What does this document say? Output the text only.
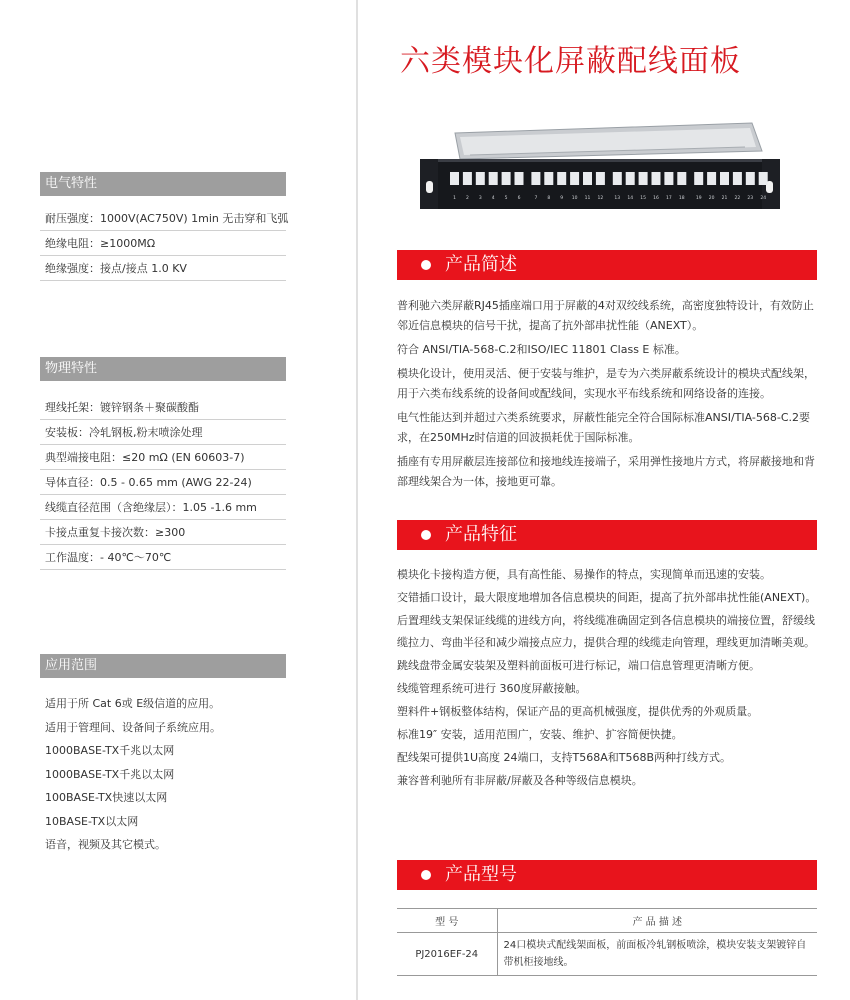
电气特性
耐压强度：1000V(AC750V) 1min 无击穿和飞弧
绝缘电阻：≥1000MΩ
绝缘强度：接点/接点 1.0 KV
物理特性
理线托架：镀锌钢条＋聚碳酸酯
安装板：冷轧钢板,粉末喷涂处理
典型端接电阻：≤20 mΩ (EN 60603-7)
导体直径：0.5 - 0.65 mm (AWG 22-24)
线缆直径范围（含绝缘层）：1.05 -1.6 mm
卡接点重复卡接次数：≥300
工作温度：- 40℃～70℃
应用范围
适用于所 Cat 6或 E级信道的应用。
适用于管理间、设备间子系统应用。
1000BASE-TX千兆以太网
1000BASE-TX千兆以太网
100BASE-TX快速以太网
10BASE-TX以太网
语音，视频及其它模式。
六类模块化屏蔽配线面板
1 2 3 4 5 6	7 8 9 10 11 12 13 14 15 16 17 18 19 20 21 22 23 24
产品简述

普利驰六类屏蔽RJ45插座端口用于屏蔽的4对双绞线系统，高密度独特设计，有效防止邻近信息模块的信号干扰，提高了抗外部串扰性能（ANEXT）。

符合 ANSI/TIA-568-C.2和ISO/IEC 11801 Class E 标准。

模块化设计，使用灵活、便于安装与维护，是专为六类屏蔽系统设计的模块式配线架，用于六类布线系统的设备间或配线间，实现水平布线系统和网络设备的连接。

电气性能达到并超过六类系统要求，屏蔽性能完全符合国际标准ANSI/TIA-568-C.2要求，在250MHz时信道的回波损耗优于国际标准。

插座有专用屏蔽层连接部位和接地线连接端子，采用弹性接地片方式，将屏蔽接地和背部理线架合为一体，接地更可靠。

产品特征

模块化卡接构造方便，具有高性能、易操作的特点，实现简单而迅速的安装。

交错插口设计，最大限度地增加各信息模块的间距，提高了抗外部串扰性能(ANEXT)。

后置理线支架保证线缆的进线方向，将线缆准确固定到各信息模块的端接位置，舒缓线缆拉力、弯曲半径和减少端接点应力，提供合理的线缆走向管理，理线更加清晰美观。

跳线盘带金属安装架及塑料前面板可进行标记，端口信息管理更清晰方便。

线缆管理系统可进行 360度屏蔽接触。

塑料件+钢板整体结构，保证产品的更高机械强度，提供优秀的外观质量。

标准19″ 安装，适用范围广，安装、维护、扩容简便快捷。

配线架可提供1U高度 24端口，支持T568A和T568B两种打线方式。

兼容普利驰所有非屏蔽/屏蔽及各种等级信息模块。

产品型号
型 号	产 品 描 述
PJ2016EF-24	24口模块式配线架面板，前面板冷轧钢板喷涂，模块安装支架镀锌自带机柜接地线。
